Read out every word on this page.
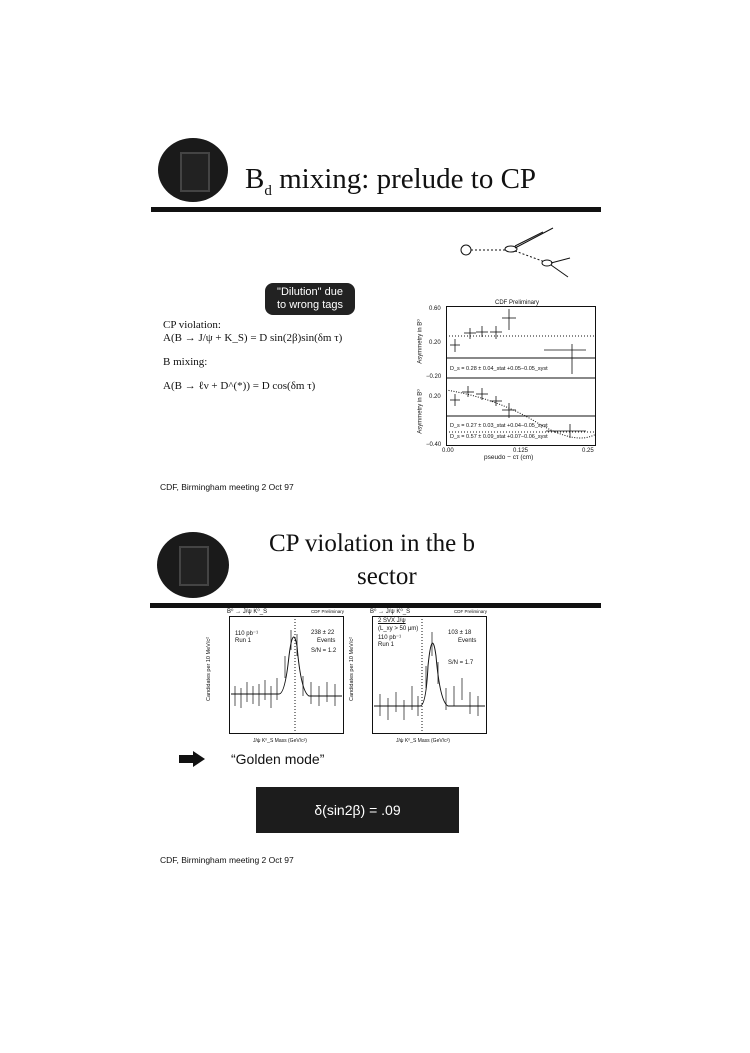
$B_d$ mixing: prelude to CP
"Dilution" due to wrong tags
CP violation:
A(B → J/ψ + K_S) = D sin(2β)sin(δm τ)
B mixing:
A(B → ℓν + D^(*)) = D cos(δm τ)
CDF Preliminary
Asymmetry in B⁰
Asymmetry in B⁰
0.60
0.20
−0.20
0.20
−0.40
D_s = 0.28 ± 0.04_stat +0.05−0.05_syst
D_s = 0.27 ± 0.03_stat +0.04−0.05_syst
D_s = 0.57 ± 0.09_stat +0.07−0.06_syst
0.00	0.125	0.25
pseudo − cτ (cm)
CDF, Birmingham meeting 2 Oct 97
CP violation in the b
sector
B⁰ → J/ψ K⁰_S	CDF Preliminary
Candidates per 10 MeV/c²
110 pb⁻¹
Run 1
238 ± 22
Events
S/N = 1.2
J/ψ K⁰_S Mass (GeV/c²)
B⁰ → J/ψ K⁰_S	CDF Preliminary
Candidates per 10 MeV/c²
2 SVX J/ψ
(L_xy > 50 μm)
110 pb⁻¹
Run 1
103 ± 18
Events
S/N = 1.7
J/ψ K⁰_S Mass (GeV/c²)
“Golden mode”
δ(sin2β) = .09
CDF, Birmingham meeting 2 Oct 97
